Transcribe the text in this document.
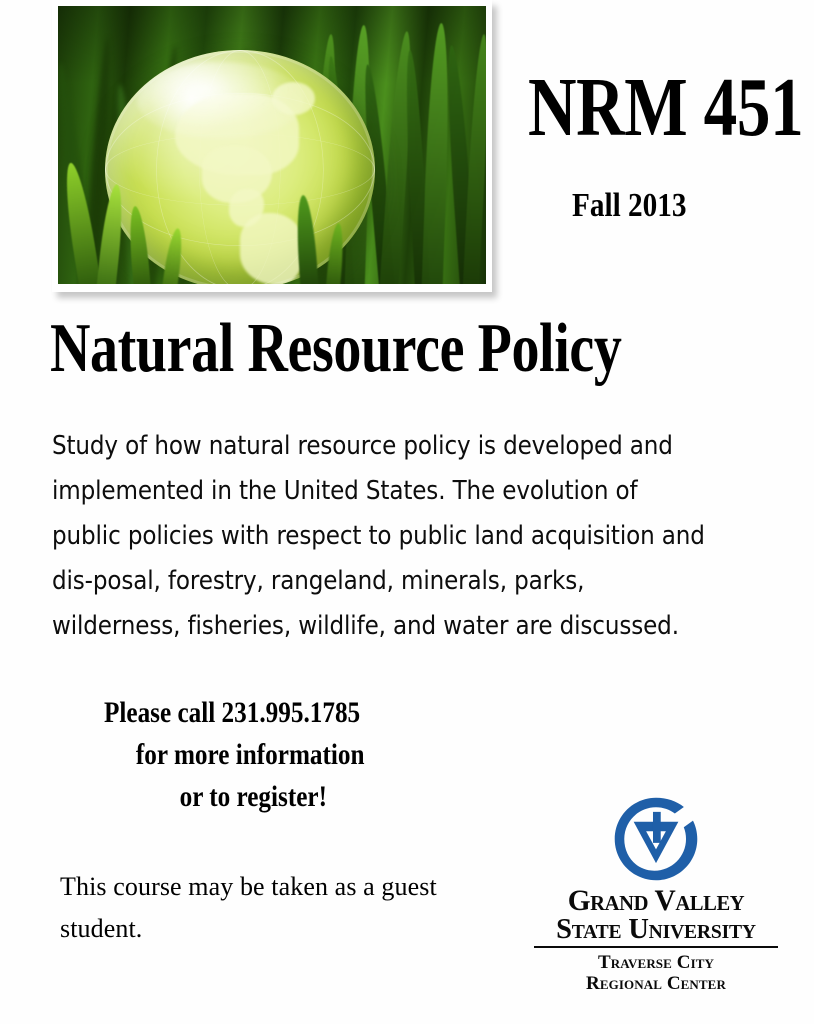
NRM 451
Fall 2013
Natural Resource Policy
Study of how natural resource policy is developed and implemented in the United States. The evolution of public policies with respect to public land acquisition and dis-posal, forestry, rangeland, minerals, parks, wilderness, fisheries, wildlife, and water are discussed.
Please call 231.995.1785
for more information
or to register!
This course may be taken as a guest student.
Grand Valley
State University
Traverse City
Regional Center
